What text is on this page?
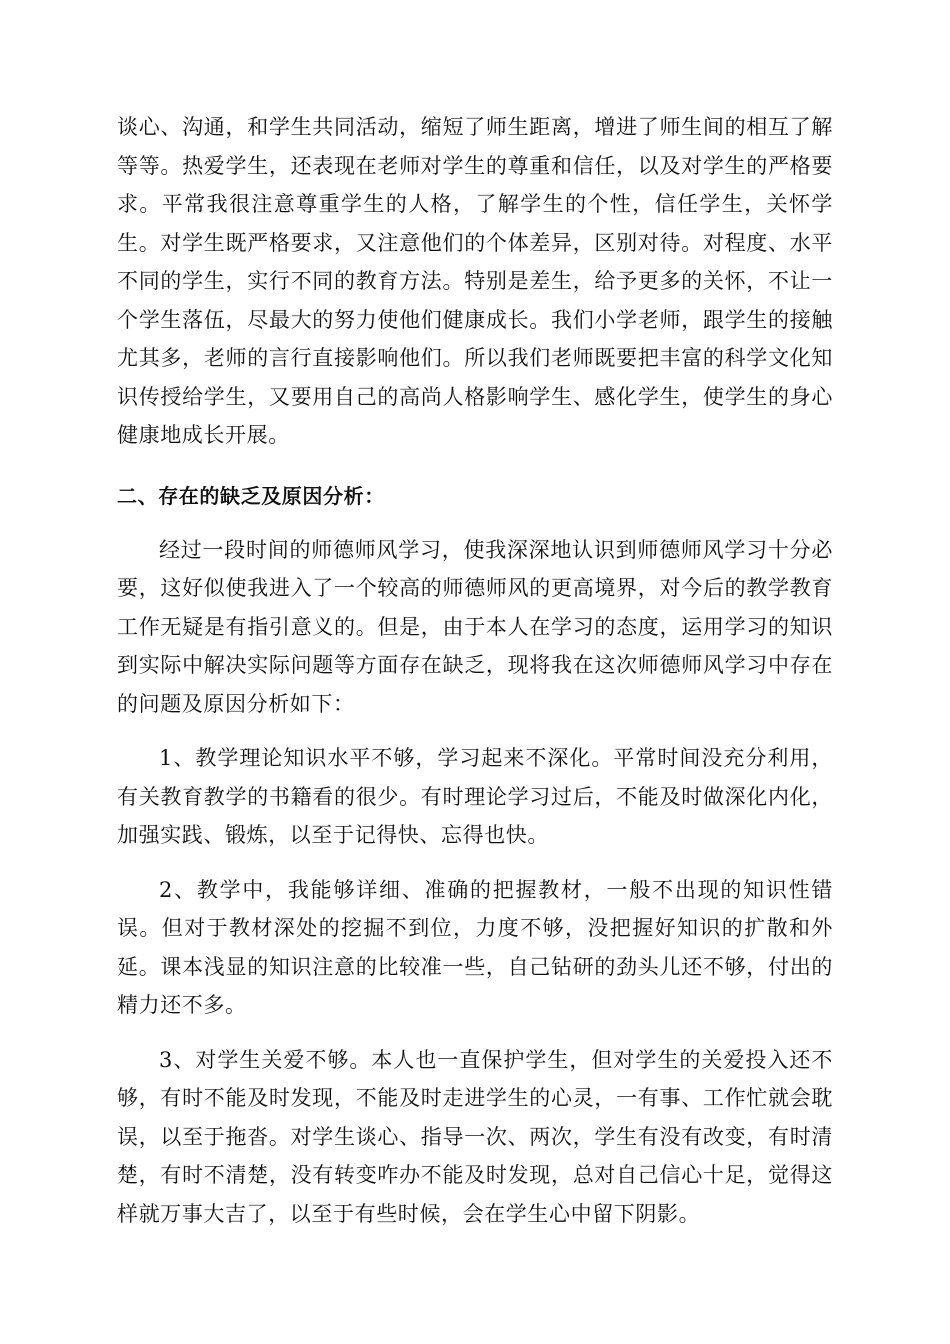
谈心、沟通，和学生共同活动，缩短了师生距离，增进了师生间的相互了解等等。热爱学生，还表现在老师对学生的尊重和信任，以及对学生的严格要求。平常我很注意尊重学生的人格，了解学生的个性，信任学生，关怀学生。对学生既严格要求，又注意他们的个体差异，区别对待。对程度、水平不同的学生，实行不同的教育方法。特别是差生，给予更多的关怀，不让一个学生落伍，尽最大的努力使他们健康成长。我们小学老师，跟学生的接触尤其多，老师的言行直接影响他们。所以我们老师既要把丰富的科学文化知识传授给学生，又要用自己的高尚人格影响学生、感化学生，使学生的身心健康地成长开展。

二、存在的缺乏及原因分析：

经过一段时间的师德师风学习，使我深深地认识到师德师风学习十分必要，这好似使我进入了一个较高的师德师风的更高境界，对今后的教学教育工作无疑是有指引意义的。但是，由于本人在学习的态度，运用学习的知识到实际中解决实际问题等方面存在缺乏，现将我在这次师德师风学习中存在的问题及原因分析如下：

1、教学理论知识水平不够，学习起来不深化。平常时间没充分利用，有关教育教学的书籍看的很少。有时理论学习过后，不能及时做深化内化，加强实践、锻炼，以至于记得快、忘得也快。

2、教学中，我能够详细、准确的把握教材，一般不出现的知识性错误。但对于教材深处的挖掘不到位，力度不够，没把握好知识的扩散和外延。课本浅显的知识注意的比较准一些，自己钻研的劲头儿还不够，付出的精力还不多。

3、对学生关爱不够。本人也一直保护学生，但对学生的关爱投入还不够，有时不能及时发现，不能及时走进学生的心灵，一有事、工作忙就会耽误，以至于拖沓。对学生谈心、指导一次、两次，学生有没有改变，有时清楚，有时不清楚，没有转变咋办不能及时发现，总对自己信心十足，觉得这样就万事大吉了，以至于有些时候，会在学生心中留下阴影。
